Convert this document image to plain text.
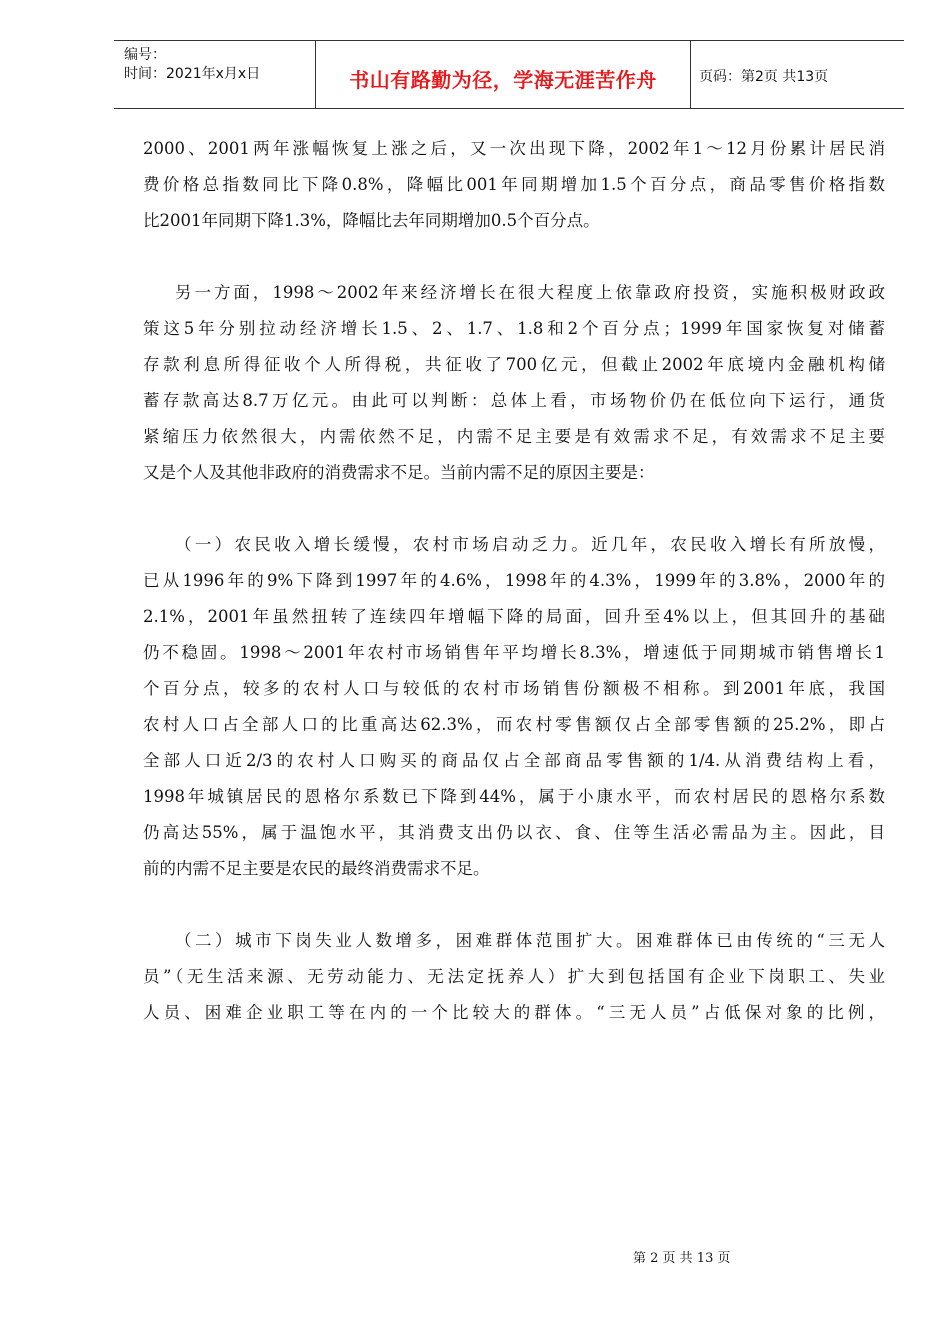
编号：
时间：2021年x月x日	书山有路勤为径，学海无涯苦作舟	页码：第2页 共13页
2000、2001两年涨幅恢复上涨之后，又一次出现下降，2002年1～12月份累计居民消
费价格总指数同比下降0.8%，降幅比001年同期增加1.5个百分点，商品零售价格指数
比2001年同期下降1.3%，降幅比去年同期增加0.5个百分点。
另一方面，1998～2002年来经济增长在很大程度上依靠政府投资，实施积极财政政
策这5年分别拉动经济增长1.5、2、1.7、1.8和2个百分点；1999年国家恢复对储蓄
存款利息所得征收个人所得税，共征收了700亿元，但截止2002年底境内金融机构储
蓄存款高达8.7万亿元。由此可以判断：总体上看，市场物价仍在低位向下运行，通货
紧缩压力依然很大，内需依然不足，内需不足主要是有效需求不足，有效需求不足主要
又是个人及其他非政府的消费需求不足。当前内需不足的原因主要是：
（一）农民收入增长缓慢，农村市场启动乏力。近几年，农民收入增长有所放慢，
已从1996年的9%下降到1997年的4.6%，1998年的4.3%，1999年的3.8%，2000年的
2.1%，2001年虽然扭转了连续四年增幅下降的局面，回升至4%以上，但其回升的基础
仍不稳固。1998～2001年农村市场销售年平均增长8.3%，增速低于同期城市销售增长1
个百分点，较多的农村人口与较低的农村市场销售份额极不相称。到2001年底，我国
农村人口占全部人口的比重高达62.3%，而农村零售额仅占全部零售额的25.2%，即占
全部人口近2/3的农村人口购买的商品仅占全部商品零售额的1/4.从消费结构上看，
1998年城镇居民的恩格尔系数已下降到44%，属于小康水平，而农村居民的恩格尔系数
仍高达55%，属于温饱水平，其消费支出仍以衣、食、住等生活必需品为主。因此，目
前的内需不足主要是农民的最终消费需求不足。
（二）城市下岗失业人数增多，困难群体范围扩大。困难群体已由传统的“三无人
员”（无生活来源、无劳动能力、无法定抚养人）扩大到包括国有企业下岗职工、失业
人员、困难企业职工等在内的一个比较大的群体。“三无人员”占低保对象的比例，
第 2 页 共 13 页
